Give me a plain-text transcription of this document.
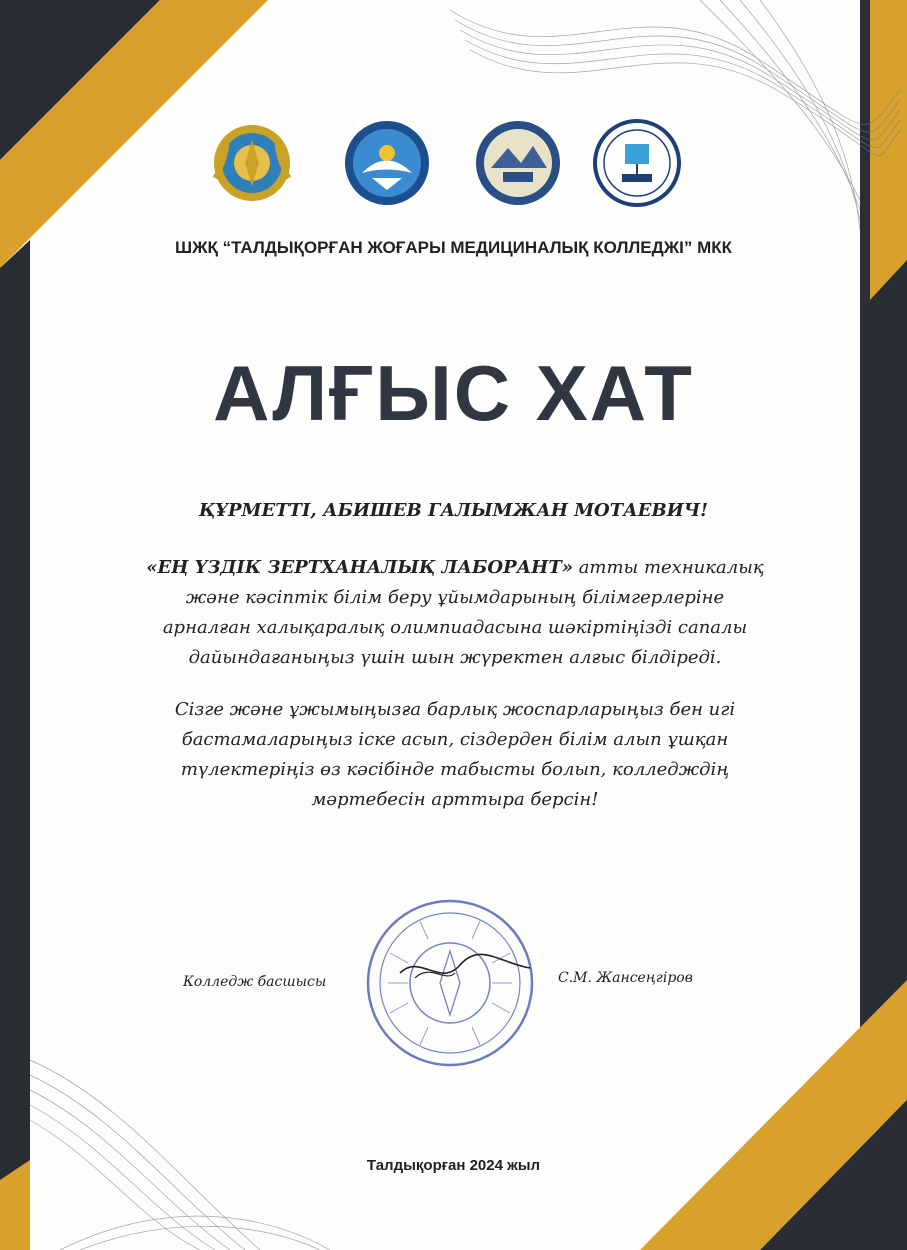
ШЖҚ “ТАЛДЫҚОРҒАН ЖОҒАРЫ МЕДИЦИНАЛЫҚ КОЛЛЕДЖІ” МКК
АЛҒЫС ХАТ
ҚҰРМЕТТІ, АБИШЕВ ГАЛЫМЖАН МОТАЕВИЧ!
«ЕҢ ҮЗДІК ЗЕРТХАНАЛЫҚ ЛАБОРАНТ» атты техникалық
және кәсіптік білім беру ұйымдарының білімгерлеріне
арналған халықаралық олимпиадасына шәкіртіңізді сапалы
дайындағаныңыз үшін шын жүректен алғыс білдіреді.
Сізге және ұжымыңызға барлық жоспарларыңыз бен игі
бастамаларыңыз іске асып, сіздерден білім алып ұшқан
түлектеріңіз өз кәсібінде табысты болып, колледждің
мәртебесін арттыра берсін!
Колледж басшысы	С.М. Жансеңгіров
Талдықорған 2024 жыл
